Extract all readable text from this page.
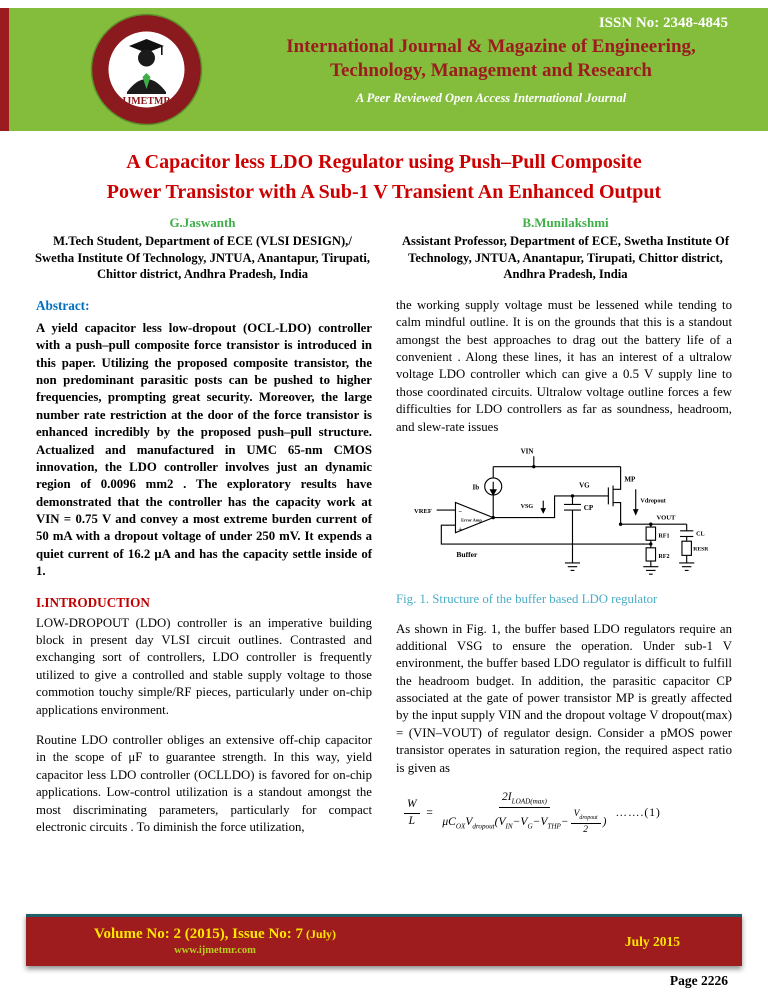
IJMETMR
ISSN No: 2348-4845
International Journal & Magazine of Engineering,
Technology, Management and Research
A Peer Reviewed Open Access International Journal
A Capacitor less LDO Regulator using Push–Pull Composite
Power Transistor with A Sub-1 V Transient An Enhanced Output
G.Jaswanth
M.Tech Student, Department of ECE (VLSI DESIGN),/ Swetha Institute Of Technology, JNTUA, Anantapur, Tirupati, Chittor district, Andhra Pradesh, India
B.Munilakshmi
Assistant Professor, Department of ECE, Swetha Institute Of Technology, JNTUA, Anantapur, Tirupati, Chittor district, Andhra Pradesh, India
Abstract:

A yield capacitor less low-dropout (OCL-LDO) controller with a push–pull composite force transistor is introduced in this paper. Utilizing the proposed composite transistor, the non predominant parasitic posts can be pushed to higher frequencies, prompting great security. Moreover, the large number rate restriction at the door of the force transistor is enhanced incredibly by the proposed push–pull structure. Actualized and manufactured in UMC 65-nm CMOS innovation, the LDO controller involves just an dynamic region of 0.0096 mm2 . The exploratory results have demonstrated that the controller has the capacity work at VIN = 0.75 V and convey a most extreme burden current of 50 mA with a dropout voltage of under 250 mV. It expends a quiet current of 16.2 μA and has the capacity settle inside of 1.

I.INTRODUCTION

LOW-DROPOUT (LDO) controller is an imperative building block in present day VLSI circuit outlines. Contrasted and exchanging sort of controllers, LDO controller is frequently utilized to give a controlled and stable supply voltage to those commotion touchy simple/RF pieces, particularly under on-chip applications environment.

Routine LDO controller obliges an extensive off-chip capacitor in the scope of μF to guarantee strength. In this way, yield capacitor less LDO controller (OCLLDO) is favored for on-chip applications. Low-control utilization is a standout amongst the most discriminating parameters, particularly for compact electronic circuits . To diminish the force utilization,

the working supply voltage must be lessened while tending to calm mindful outline. It is on the grounds that this is a standout amongst the best approaches to drag out the battery life of a convenient . Along these lines, it has an interest of a ultralow voltage LDO controller which can give a 0.5 V supply line to those coordinated circuits. Ultralow voltage outline forces a few difficulties for LDO controllers as far as soundness, headroom, and slew-rate issues

VIN
Ib	VG
MP
Vdropout
VREF	−
+
Error Amp
VSG	CP
RF1
RF2
Buffer
VOUT
CL
RESR
Fig. 1. Structure of the buffer based LDO regulator

As shown in Fig. 1, the buffer based LDO regulators require an additional VSG to ensure the operation. Under sub-1 V environment, the buffer based LDO regulator is difficult to fulfill the headroom budget. In addition, the parasitic capacitor CP associated at the gate of power transistor MP is greatly affected by the input supply VIN and the dropout voltage V dropout(max) = (VIN–VOUT) of regulator design. Consider a pMOS power transistor operates in saturation region, the required aspect ratio is given as

$\frac{W}{L} = \frac{2I_{LOAD(max)}}{\mu C_{OX}V_{dropout}(V_{IN}-V_G-V_{THP}- \frac{V_{dropout}}{2} )}$ …….(1)
Volume No: 2 (2015), Issue No: 7 (July)
www.ijmetmr.com
July 2015
Page 2226
